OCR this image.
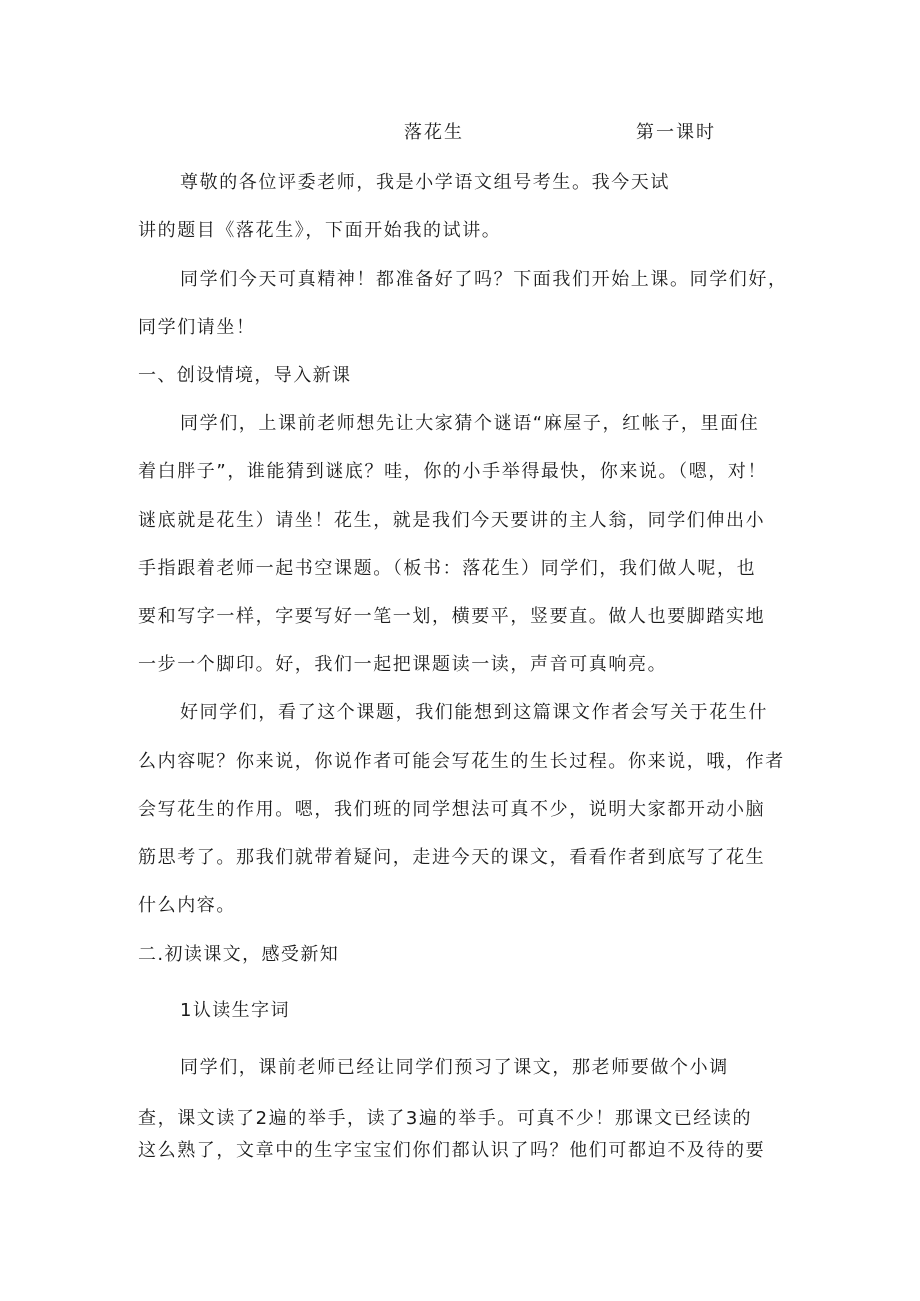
落花生	第一课时
尊敬的各位评委老师，我是小学语文组号考生。我今天试
讲的题目《落花生》，下面开始我的试讲。
同学们今天可真精神！都准备好了吗？下面我们开始上课。同学们好，
同学们请坐！
一、创设情境，导入新课
同学们，上课前老师想先让大家猜个谜语“麻屋子，红帐子，里面住
着白胖子”，谁能猜到谜底？哇，你的小手举得最快，你来说。（嗯，对！
谜底就是花生）请坐！花生，就是我们今天要讲的主人翁，同学们伸出小
手指跟着老师一起书空课题。（板书：落花生）同学们，我们做人呢，也
要和写字一样，字要写好一笔一划，横要平，竖要直。做人也要脚踏实地
一步一个脚印。好，我们一起把课题读一读，声音可真响亮。
好同学们，看了这个课题，我们能想到这篇课文作者会写关于花生什
么内容呢？你来说，你说作者可能会写花生的生长过程。你来说，哦，作者
会写花生的作用。嗯，我们班的同学想法可真不少，说明大家都开动小脑
筋思考了。那我们就带着疑问，走进今天的课文，看看作者到底写了花生
什么内容。
二.初读课文，感受新知
1认读生字词
同学们，课前老师已经让同学们预习了课文，那老师要做个小调
查，课文读了2遍的举手，读了3遍的举手。可真不少！那课文已经读的
这么熟了，文章中的生字宝宝们你们都认识了吗？他们可都迫不及待的要
